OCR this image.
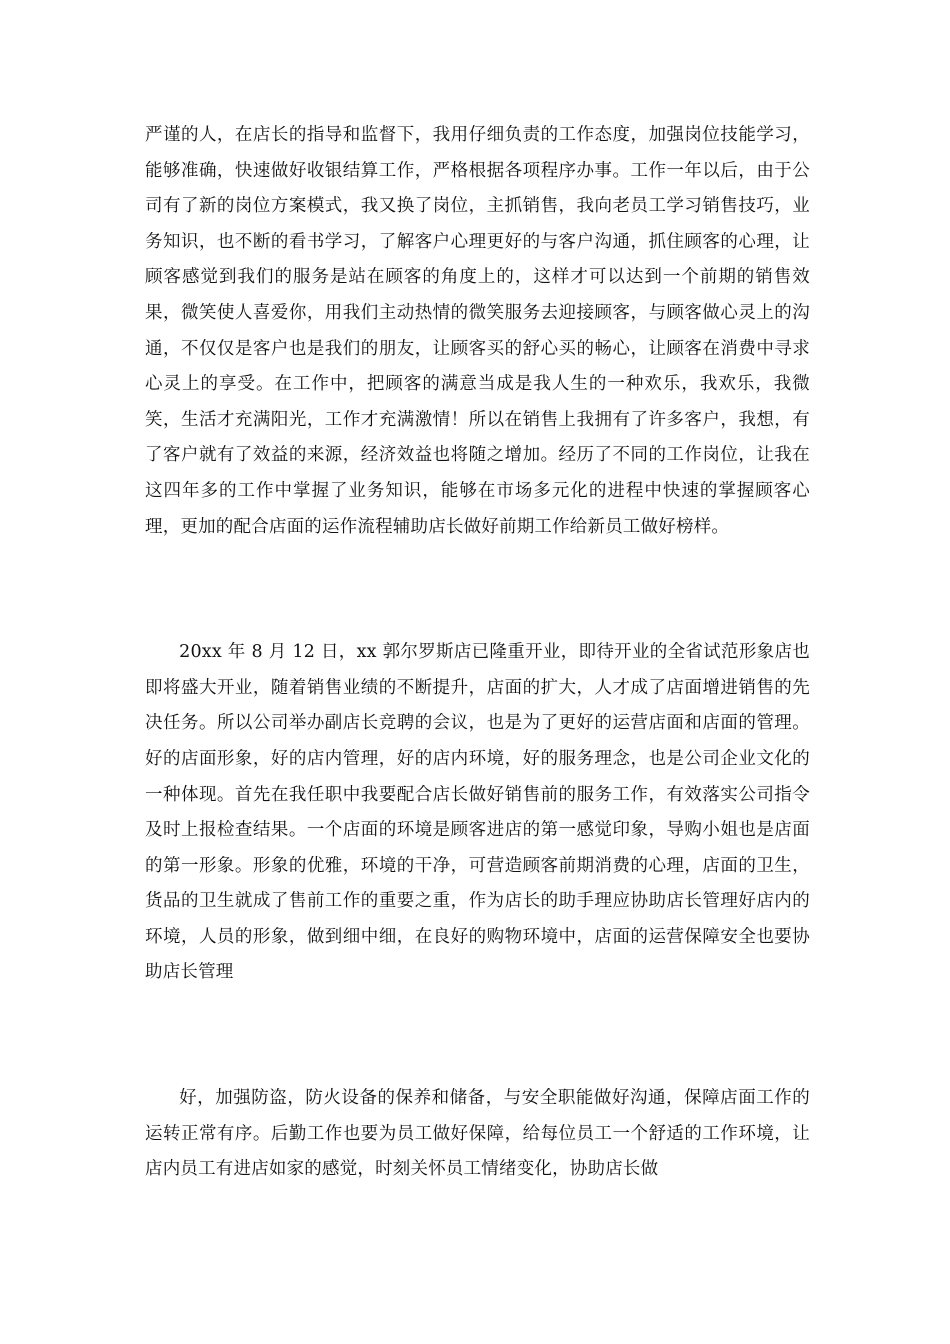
严谨的人，在店长的指导和监督下，我用仔细负责的工作态度，加强岗位技能学习，能够准确，快速做好收银结算工作，严格根据各项程序办事。工作一年以后，由于公司有了新的岗位方案模式，我又换了岗位，主抓销售，我向老员工学习销售技巧，业务知识，也不断的看书学习，了解客户心理更好的与客户沟通，抓住顾客的心理，让顾客感觉到我们的服务是站在顾客的角度上的，这样才可以达到一个前期的销售效果，微笑使人喜爱你，用我们主动热情的微笑服务去迎接顾客，与顾客做心灵上的沟通，不仅仅是客户也是我们的朋友，让顾客买的舒心买的畅心，让顾客在消费中寻求心灵上的享受。在工作中，把顾客的满意当成是我人生的一种欢乐，我欢乐，我微笑，生活才充满阳光，工作才充满激情！所以在销售上我拥有了许多客户，我想，有了客户就有了效益的来源，经济效益也将随之增加。经历了不同的工作岗位，让我在这四年多的工作中掌握了业务知识，能够在市场多元化的进程中快速的掌握顾客心理，更加的配合店面的运作流程辅助店长做好前期工作给新员工做好榜样。

20xx 年 8 月 12 日，xx 郭尔罗斯店已隆重开业，即待开业的全省试范形象店也即将盛大开业，随着销售业绩的不断提升，店面的扩大，人才成了店面增进销售的先决任务。所以公司举办副店长竞聘的会议，也是为了更好的运营店面和店面的管理。好的店面形象，好的店内管理，好的店内环境，好的服务理念，也是公司企业文化的一种体现。首先在我任职中我要配合店长做好销售前的服务工作，有效落实公司指令及时上报检查结果。一个店面的环境是顾客进店的第一感觉印象，导购小姐也是店面的第一形象。形象的优雅，环境的干净，可营造顾客前期消费的心理，店面的卫生，货品的卫生就成了售前工作的重要之重，作为店长的助手理应协助店长管理好店内的环境，人员的形象，做到细中细，在良好的购物环境中，店面的运营保障安全也要协助店长管理

好，加强防盗，防火设备的保养和储备，与安全职能做好沟通，保障店面工作的运转正常有序。后勤工作也要为员工做好保障，给每位员工一个舒适的工作环境，让店内员工有进店如家的感觉，时刻关怀员工情绪变化，协助店长做
